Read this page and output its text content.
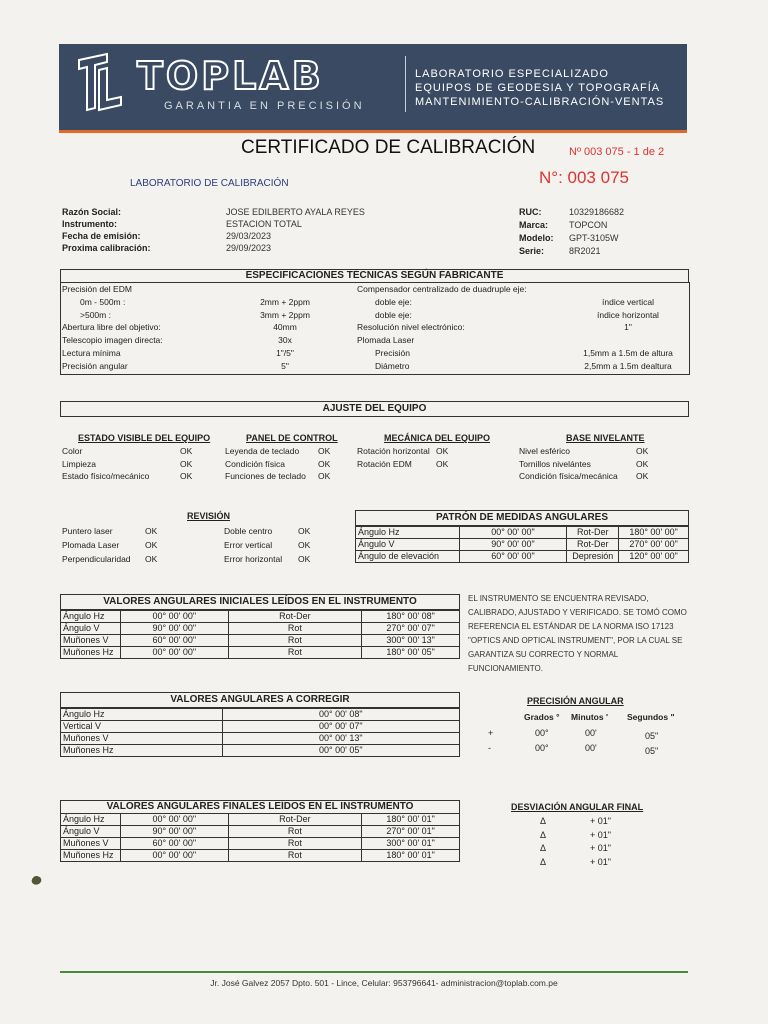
TOPLAB
GARANTIA EN PRECISIÓN
LABORATORIO ESPECIALIZADO
EQUIPOS DE GEODESIA Y TOPOGRAFÍA
MANTENIMIENTO-CALIBRACIÓN-VENTAS
CERTIFICADO DE CALIBRACIÓN	Nº 003 075 - 1 de 2
N°: 003 075
LABORATORIO DE CALIBRACIÓN
Razón Social:	JOSE EDILBERTO AYALA REYES
Instrumento:	ESTACION TOTAL
Fecha de emisión:	29/03/2023
Proxima calibración:	29/09/2023
RUC:	10329186682
Marca: TOPCON
Modelo: GPT-3105W
Serie:	8R2021
ESPECIFICACIONES TÉCNICAS SEGÚN FABRICANTE
Precisión del EDM
0m - 500m :	2mm + 2ppm
>500m :	3mm + 2ppm
Abertura libre del objetivo:	40mm
Telescopio imagen directa:	30x
Lectura mínima	1"/5"
Precisión angular	5"
Compensador centralizado de duadruple eje:
doble eje:	índice vertical
doble eje:	índice horizontal
Resolución nivel electrónico:	1"
Plomada Laser
Precisión	1,5mm a 1.5m de altura
Diámetro	2,5mm a 1.5m dealtura
AJUSTE DEL EQUIPO
ESTADO VISIBLE DEL EQUIPO	PANEL DE CONTROL	MECÁNICA DEL EQUIPO	BASE NIVELANTE
Color	OK
Limpieza	OK
Estado físico/mecánico	OK
Leyenda de teclado OK
Condición física	OK
Funciones de teclado OK
Rotación horizontal OK
Rotación EDM	OK
Nivel esférico	OK
Tornillos nivelántes	OK
Condición física/mecánica OK
REVISIÓN
Puntero laser	OK
Plomada Laser	OK
Perpendicularidad OK
Doble centro	OK
Error vertical	OK
Error horizontal OK
PATRÓN DE MEDIDAS ANGULARES
Ángulo Hz	00° 00' 00"	Rot-Der	180° 00' 00"
Ángulo V	90° 00' 00"	Rot-Der	270° 00' 00"
Ángulo de elevación	60° 00' 00"	Depresión	120° 00' 00"
VALORES ANGULARES INICIALES LEÍDOS EN EL INSTRUMENTO
Ángulo Hz	00° 00' 00"	Rot-Der	180° 00' 08"
Ángulo V	90° 00' 00"	Rot	270° 00' 07"
Muñones V	60° 00' 00"	Rot	300° 00' 13"
Muñones Hz	00° 00' 00"	Rot	180° 00' 05"
EL INSTRUMENTO SE ENCUENTRA REVISADO, CALIBRADO, AJUSTADO Y VERIFICADO. SE TOMÓ COMO REFERENCIA EL ESTÁNDAR DE LA NORMA ISO 17123 "OPTICS AND OPTICAL INSTRUMENT", POR LA CUAL SE GARANTIZA SU CORRECTO Y NORMAL FUNCIONAMIENTO.
VALORES ANGULARES A CORREGIR
Ángulo Hz	00° 00' 08"
Vertical V	00° 00' 07"
Muñones V	00° 00' 13"
Muñones Hz	00° 00' 05"
PRECISIÓN ANGULAR
Grados ° Minutos ' Segundos "
+	00°	00'	05"
-	00°	00'	05"
VALORES ANGULARES FINALES LEÍDOS EN EL INSTRUMENTO
Ángulo Hz	00° 00' 00"	Rot-Der	180° 00' 01"
Ángulo V	90° 00' 00"	Rot	270° 00' 01"
Muñones V	60° 00' 00"	Rot	300° 00' 01"
Muñones Hz	00° 00' 00"	Rot	180° 00' 01"
DESVIACIÓN ANGULAR FINAL
Δ	+ 01"
Δ	+ 01"
Δ	+ 01"
Δ	+ 01"
Jr. José Galvez 2057 Dpto. 501 - Lince, Celular: 953796641- administracion@toplab.com.pe
